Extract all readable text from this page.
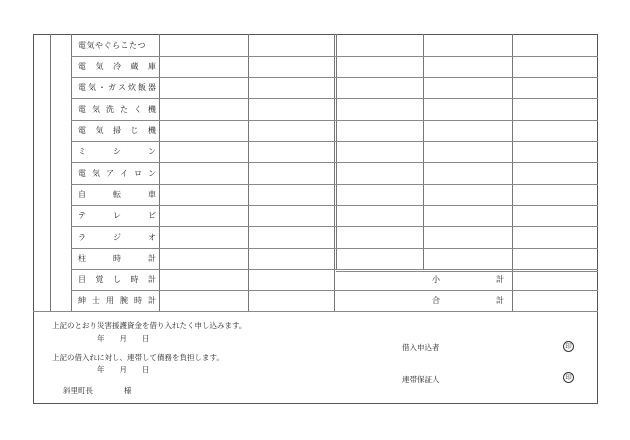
電気やぐらこたつ
電 気 冷 蔵 庫
電 気 ・ ガ ス 炊 飯 器
電 気 洗 た く 機
電 気 掃 じ 機
ミ	シ	ン
電 気 ア イ ロ ン
自	転	車
テ	レ	ビ
ラ	ジ	オ
柱	時	計
目 覚 し 時 計
紳 士 用 腕 時 計
小	計
合	計
上記のとおり災害援護資金を借り入れたく申し込みます。
年　　月　　日
借入申込者	印
上記の借入れに対し、連帯して債務を負担します。
年　　月　　日
連帯保証人	印
斜里町長	様
